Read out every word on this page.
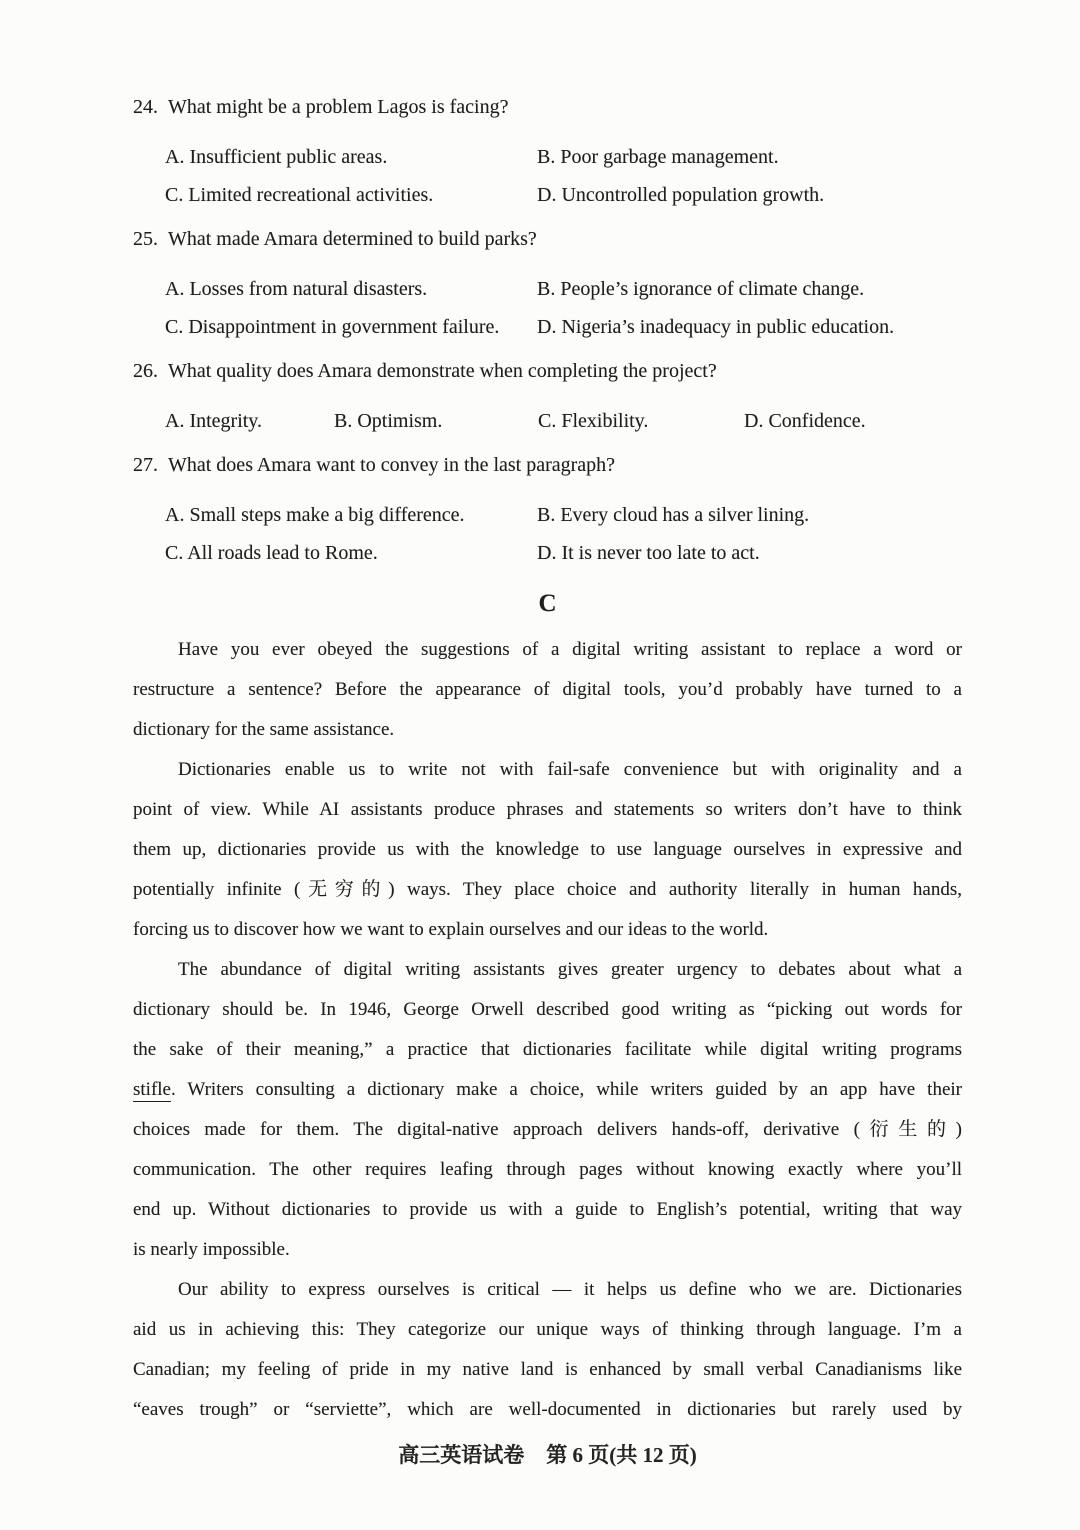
24. What might be a problem Lagos is facing?
A. Insufficient public areas.	B. Poor garbage management.
C. Limited recreational activities.	D. Uncontrolled population growth.
25. What made Amara determined to build parks?
A. Losses from natural disasters.	B. People’s ignorance of climate change.
C. Disappointment in government failure.	D. Nigeria’s inadequacy in public education.
26. What quality does Amara demonstrate when completing the project?
A. Integrity.	B. Optimism.	C. Flexibility.	D. Confidence.
27. What does Amara want to convey in the last paragraph?
A. Small steps make a big difference.	B. Every cloud has a silver lining.
C. All roads lead to Rome.	D. It is never too late to act.
C
Have you ever obeyed the suggestions of a digital writing assistant to replace a word or
restructure a sentence? Before the appearance of digital tools, you’d probably have turned to a
dictionary for the same assistance.
Dictionaries enable us to write not with fail-safe convenience but with originality and a
point of view. While AI assistants produce phrases and statements so writers don’t have to think
them up, dictionaries provide us with the knowledge to use language ourselves in expressive and
potentially infinite (无穷的) ways. They place choice and authority literally in human hands,
forcing us to discover how we want to explain ourselves and our ideas to the world.
The abundance of digital writing assistants gives greater urgency to debates about what a
dictionary should be. In 1946, George Orwell described good writing as “picking out words for
the sake of their meaning,” a practice that dictionaries facilitate while digital writing programs
stifle. Writers consulting a dictionary make a choice, while writers guided by an app have their
choices made for them. The digital-native approach delivers hands-off, derivative (衍生的)
communication. The other requires leafing through pages without knowing exactly where you’ll
end up. Without dictionaries to provide us with a guide to English’s potential, writing that way
is nearly impossible.
Our ability to express ourselves is critical — it helps us define who we are. Dictionaries
aid us in achieving this: They categorize our unique ways of thinking through language. I’m a
Canadian; my feeling of pride in my native land is enhanced by small verbal Canadianisms like
“eaves trough” or “serviette”, which are well-documented in dictionaries but rarely used by
高三英语试卷 第 6 页(共 12 页)
